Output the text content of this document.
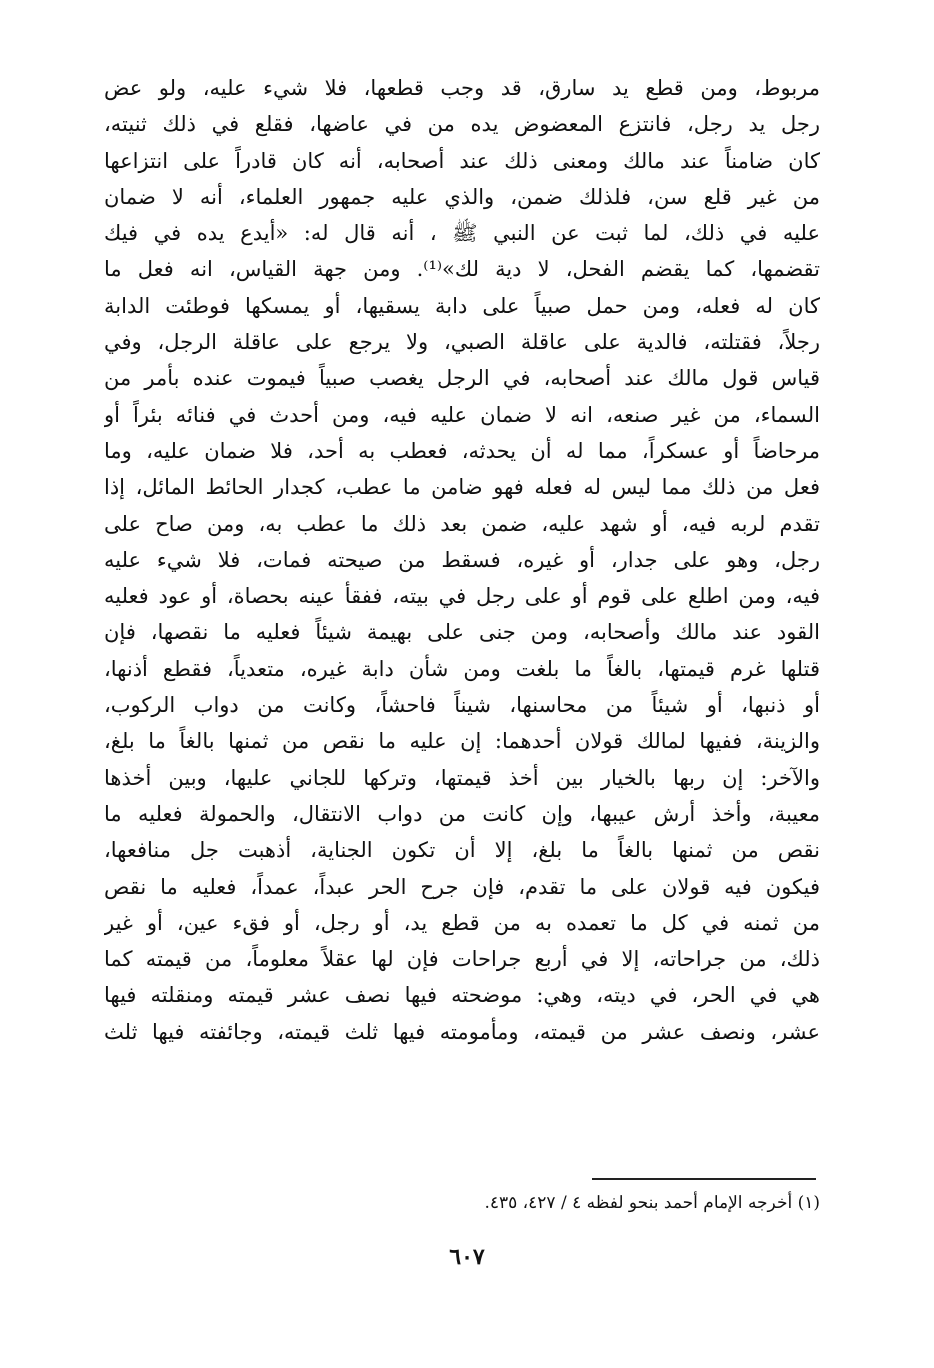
مربوط، ومن قطع يد سارق، قد وجب قطعها، فلا شيء عليه، ولو عض
رجل يد رجل، فانتزع المعضوض يده من في عاضها، فقلع في ذلك ثنيته،
كان ضامناً عند مالك ومعنى ذلك عند أصحابه، أنه كان قادراً على انتزاعها
من غير قلع سن، فلذلك ضمن، والذي عليه جمهور العلماء، أنه لا ضمان
عليه في ذلك، لما ثبت عن النبي ﷺ ، أنه قال له: «أيدع يده في فيك
تقضمها، كما يقضم الفحل، لا دية لك»⁽¹⁾. ومن جهة القياس، انه فعل ما
كان له فعله، ومن حمل صبياً على دابة يسقيها، أو يمسكها فوطئت الدابة
رجلاً، فقتلته، فالدية على عاقلة الصبي، ولا يرجع على عاقلة الرجل، وفي
قياس قول مالك عند أصحابه، في الرجل يغصب صبياً فيموت عنده بأمر من
السماء، من غير صنعه، انه لا ضمان عليه فيه، ومن أحدث في فنائه بئراً أو
مرحاضاً أو عسكراً، مما له أن يحدثه، فعطب به أحد، فلا ضمان عليه، وما
فعل من ذلك مما ليس له فعله فهو ضامن ما عطب، كجدار الحائط المائل، إذا
تقدم لربه فيه، أو شهد عليه، ضمن بعد ذلك ما عطب به، ومن صاح على
رجل، وهو على جدار، أو غيره، فسقط من صيحته فمات، فلا شيء عليه
فيه، ومن اطلع على قوم أو على رجل في بيته، ففقأ عينه بحصاة، أو عود فعليه
القود عند مالك وأصحابه، ومن جنى على بهيمة شيئاً فعليه ما نقصها، فإن
قتلها غرم قيمتها، بالغاً ما بلغت ومن شأن دابة غيره، متعدياً، فقطع أذنها،
أو ذنبها، أو شيئاً من محاسنها، شيناً فاحشاً، وكانت من دواب الركوب،
والزينة، ففيها لمالك قولان أحدهما: إن عليه ما نقص من ثمنها بالغاً ما بلغ،
والآخر: إن ربها بالخيار بين أخذ قيمتها، وتركها للجاني عليها، وبين أخذها
معيبة، وأخذ أرش عيبها، وإن كانت من دواب الانتقال، والحمولة فعليه ما
نقص من ثمنها بالغاً ما بلغ، إلا أن تكون الجناية، أذهبت جل منافعها،
فيكون فيه قولان على ما تقدم، فإن جرح الحر عبداً، عمداً، فعليه ما نقص
من ثمنه في كل ما تعمده به من قطع يد، أو رجل، أو فقء عين، أو غير
ذلك، من جراحاته، إلا في أربع جراحات فإن لها عقلاً معلوماً، من قيمته كما
هي في الحر، في ديته، وهي: موضحته فيها نصف عشر قيمته ومنقلته فيها
عشر، ونصف عشر من قيمته، ومأمومته فيها ثلث قيمته، وجائفته فيها ثلث
(١) أخرجه الإمام أحمد بنحو لفظه ٤ / ٤٢٧، ٤٣٥.
٦٠٧
